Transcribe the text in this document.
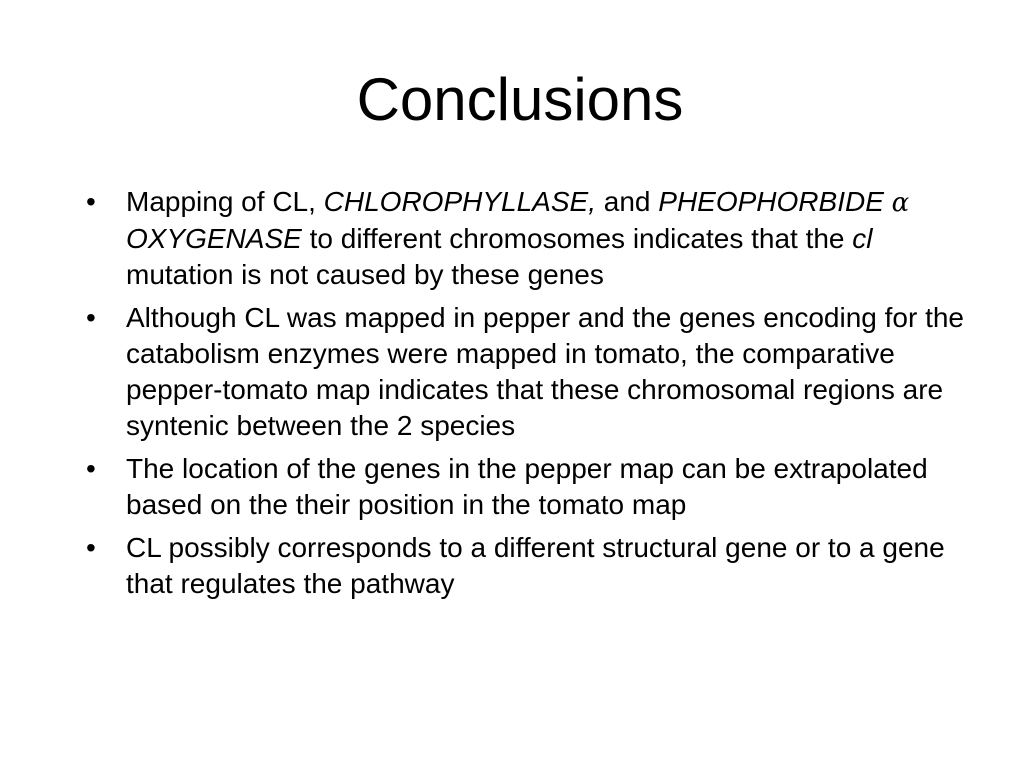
Conclusions
•	Mapping of CL, CHLOROPHYLLASE, and PHEOPHORBIDE α OXYGENASE to different chromosomes indicates that the cl mutation is not caused by these genes
•	Although CL was mapped in pepper and the genes encoding for the catabolism enzymes were mapped in tomato, the comparative pepper-tomato map indicates that these chromosomal regions are syntenic between the 2 species
•	The location of the genes in the pepper map can be extrapolated based on the their position in the tomato map
•	CL possibly corresponds to a different structural gene or to a gene that regulates the pathway
